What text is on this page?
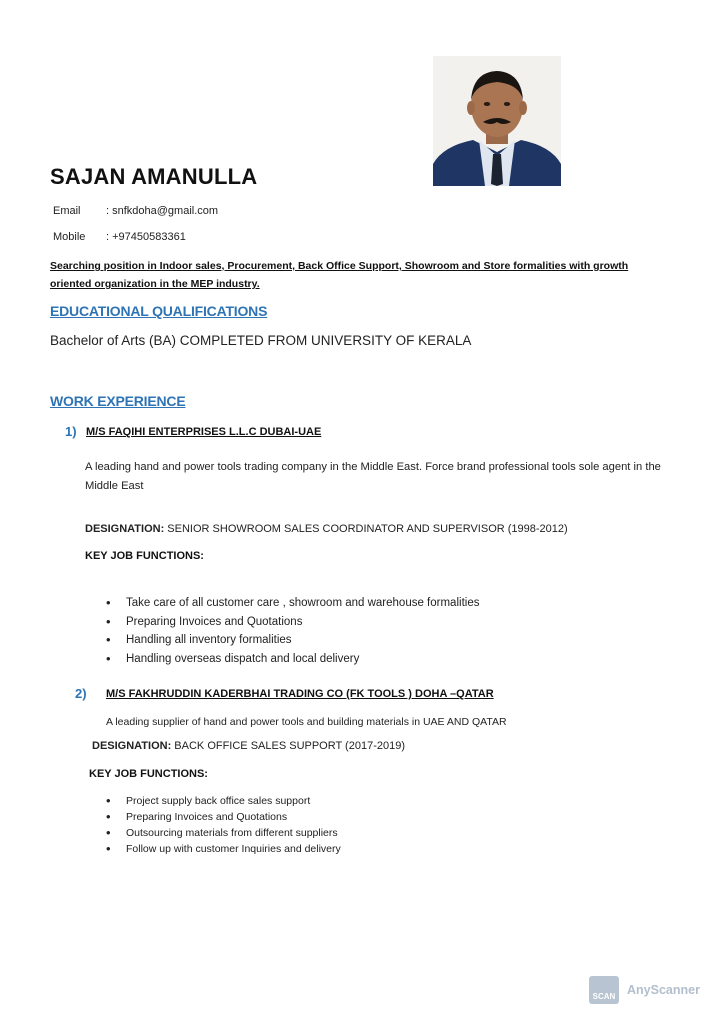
SAJAN AMANULLA
Email : snfkdoha@gmail.com
Mobile : +97450583361
Searching position in Indoor sales, Procurement, Back Office Support, Showroom and Store formalities with growth oriented organization in the MEP industry.
EDUCATIONAL QUALIFICATIONS
Bachelor of Arts (BA) COMPLETED FROM UNIVERSITY OF KERALA
WORK EXPERIENCE
1) M/S FAQIHI ENTERPRISES L.L.C DUBAI-UAE
A leading hand and power tools trading company in the Middle East. Force brand professional tools sole agent in the Middle East
DESIGNATION: SENIOR SHOWROOM SALES COORDINATOR AND SUPERVISOR (1998-2012)
KEY JOB FUNCTIONS:
• Take care of all customer care , showroom and warehouse formalities
• Preparing Invoices and Quotations
• Handling all inventory formalities
• Handling overseas dispatch and local delivery
2) M/S FAKHRUDDIN KADERBHAI TRADING CO (FK TOOLS ) DOHA –QATAR
A leading supplier of hand and power tools and building materials in UAE AND QATAR
DESIGNATION: BACK OFFICE SALES SUPPORT (2017-2019)
KEY JOB FUNCTIONS:
• Project supply back office sales support
• Preparing Invoices and Quotations
• Outsourcing materials from different suppliers
• Follow up with customer Inquiries and delivery
SCAN AnyScanner
